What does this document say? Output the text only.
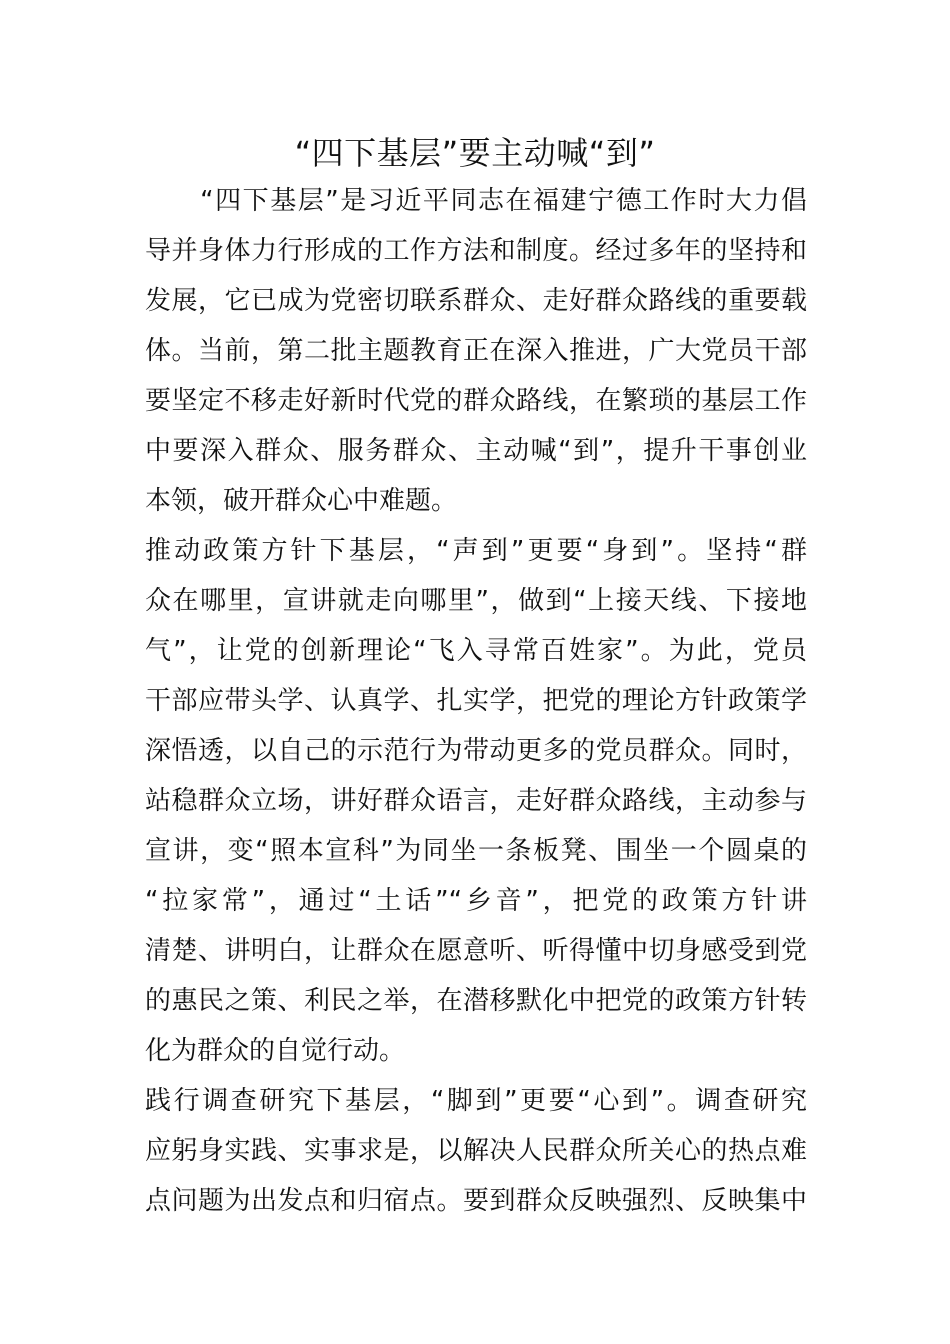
“四下基层”要主动喊“到”
　　“四下基层”是习近平同志在福建宁德工作时大力倡
导并身体力行形成的工作方法和制度。经过多年的坚持和
发展，它已成为党密切联系群众、走好群众路线的重要载
体。当前，第二批主题教育正在深入推进，广大党员干部
要坚定不移走好新时代党的群众路线，在繁琐的基层工作
中要深入群众、服务群众、主动喊“到”，提升干事创业
本领，破开群众心中难题。
推动政策方针下基层，“声到”更要“身到”。坚持“群
众在哪里，宣讲就走向哪里”，做到“上接天线、下接地
气”，让党的创新理论“飞入寻常百姓家”。为此，党员
干部应带头学、认真学、扎实学，把党的理论方针政策学
深悟透，以自己的示范行为带动更多的党员群众。同时，
站稳群众立场，讲好群众语言，走好群众路线，主动参与
宣讲，变“照本宣科”为同坐一条板凳、围坐一个圆桌的
“拉家常”，通过“土话”“乡音”，把党的政策方针讲
清楚、讲明白，让群众在愿意听、听得懂中切身感受到党
的惠民之策、利民之举，在潜移默化中把党的政策方针转
化为群众的自觉行动。
践行调查研究下基层，“脚到”更要“心到”。调查研究
应躬身实践、实事求是，以解决人民群众所关心的热点难
点问题为出发点和归宿点。要到群众反映强烈、反映集中
